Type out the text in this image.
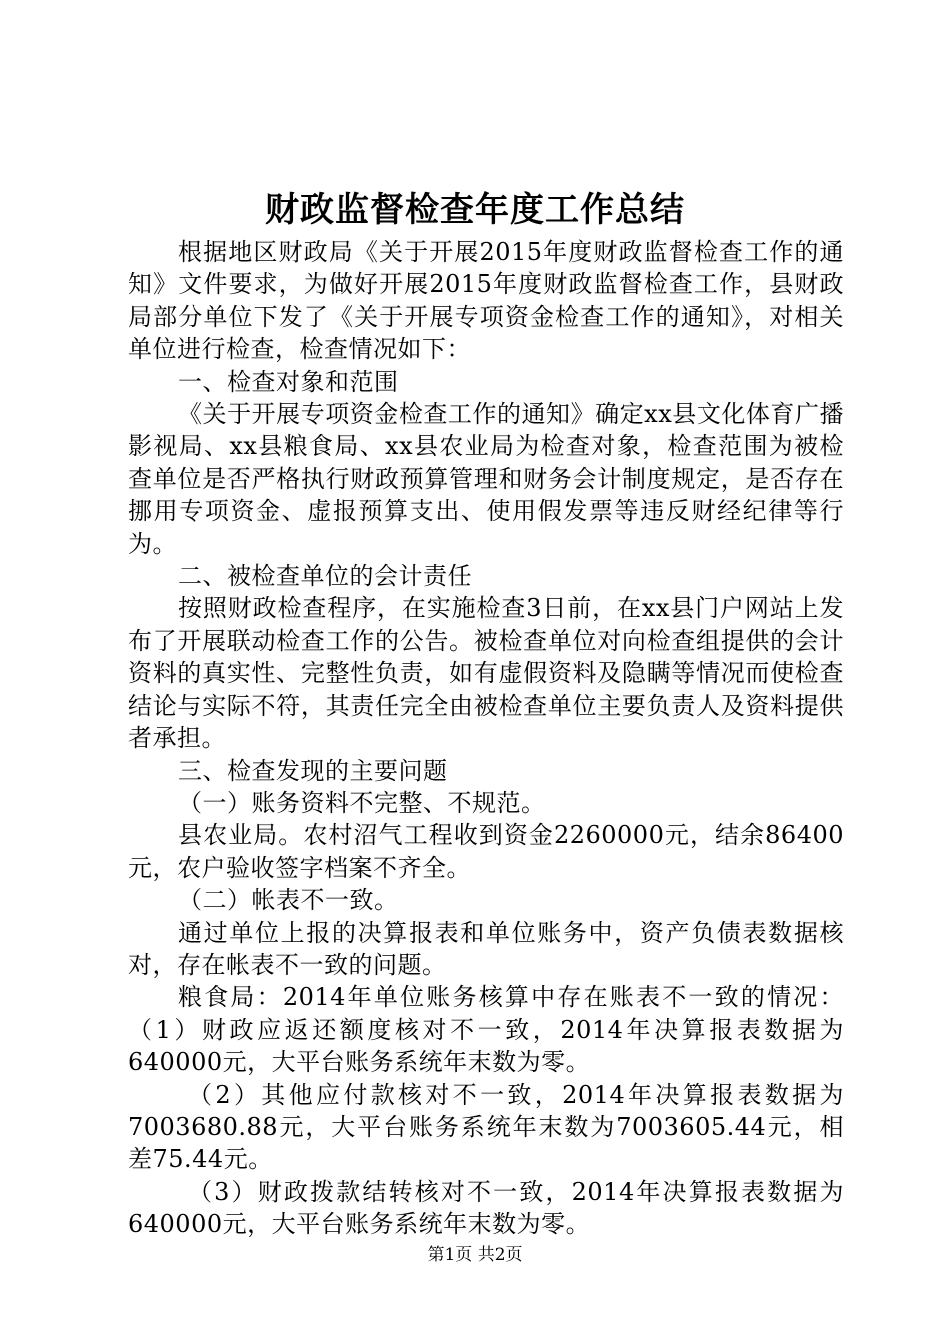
财政监督检查年度工作总结

根据地区财政局《关于开展2015年度财政监督检查工作的通知》文件要求，为做好开展2015年度财政监督检查工作，县财政局部分单位下发了《关于开展专项资金检查工作的通知》，对相关单位进行检查，检查情况如下：

一、检查对象和范围

《关于开展专项资金检查工作的通知》确定xx县文化体育广播影视局、xx县粮食局、xx县农业局为检查对象，检查范围为被检查单位是否严格执行财政预算管理和财务会计制度规定，是否存在挪用专项资金、虚报预算支出、使用假发票等违反财经纪律等行为。

二、被检查单位的会计责任

按照财政检查程序，在实施检查3日前，在xx县门户网站上发布了开展联动检查工作的公告。被检查单位对向检查组提供的会计资料的真实性、完整性负责，如有虚假资料及隐瞒等情况而使检查结论与实际不符，其责任完全由被检查单位主要负责人及资料提供者承担。

三、检查发现的主要问题

（一）账务资料不完整、不规范。

县农业局。农村沼气工程收到资金2260000元，结余86400元，农户验收签字档案不齐全。

（二）帐表不一致。

通过单位上报的决算报表和单位账务中，资产负债表数据核对，存在帐表不一致的问题。

粮食局：2014年单位账务核算中存在账表不一致的情况：（1）财政应返还额度核对不一致，2014年决算报表数据为640000元，大平台账务系统年末数为零。

（2）其他应付款核对不一致，2014年决算报表数据为7003680.88元，大平台账务系统年末数为7003605.44元，相差75.44元。

（3）财政拨款结转核对不一致，2014年决算报表数据为640000元，大平台账务系统年末数为零。

第1页 共2页
